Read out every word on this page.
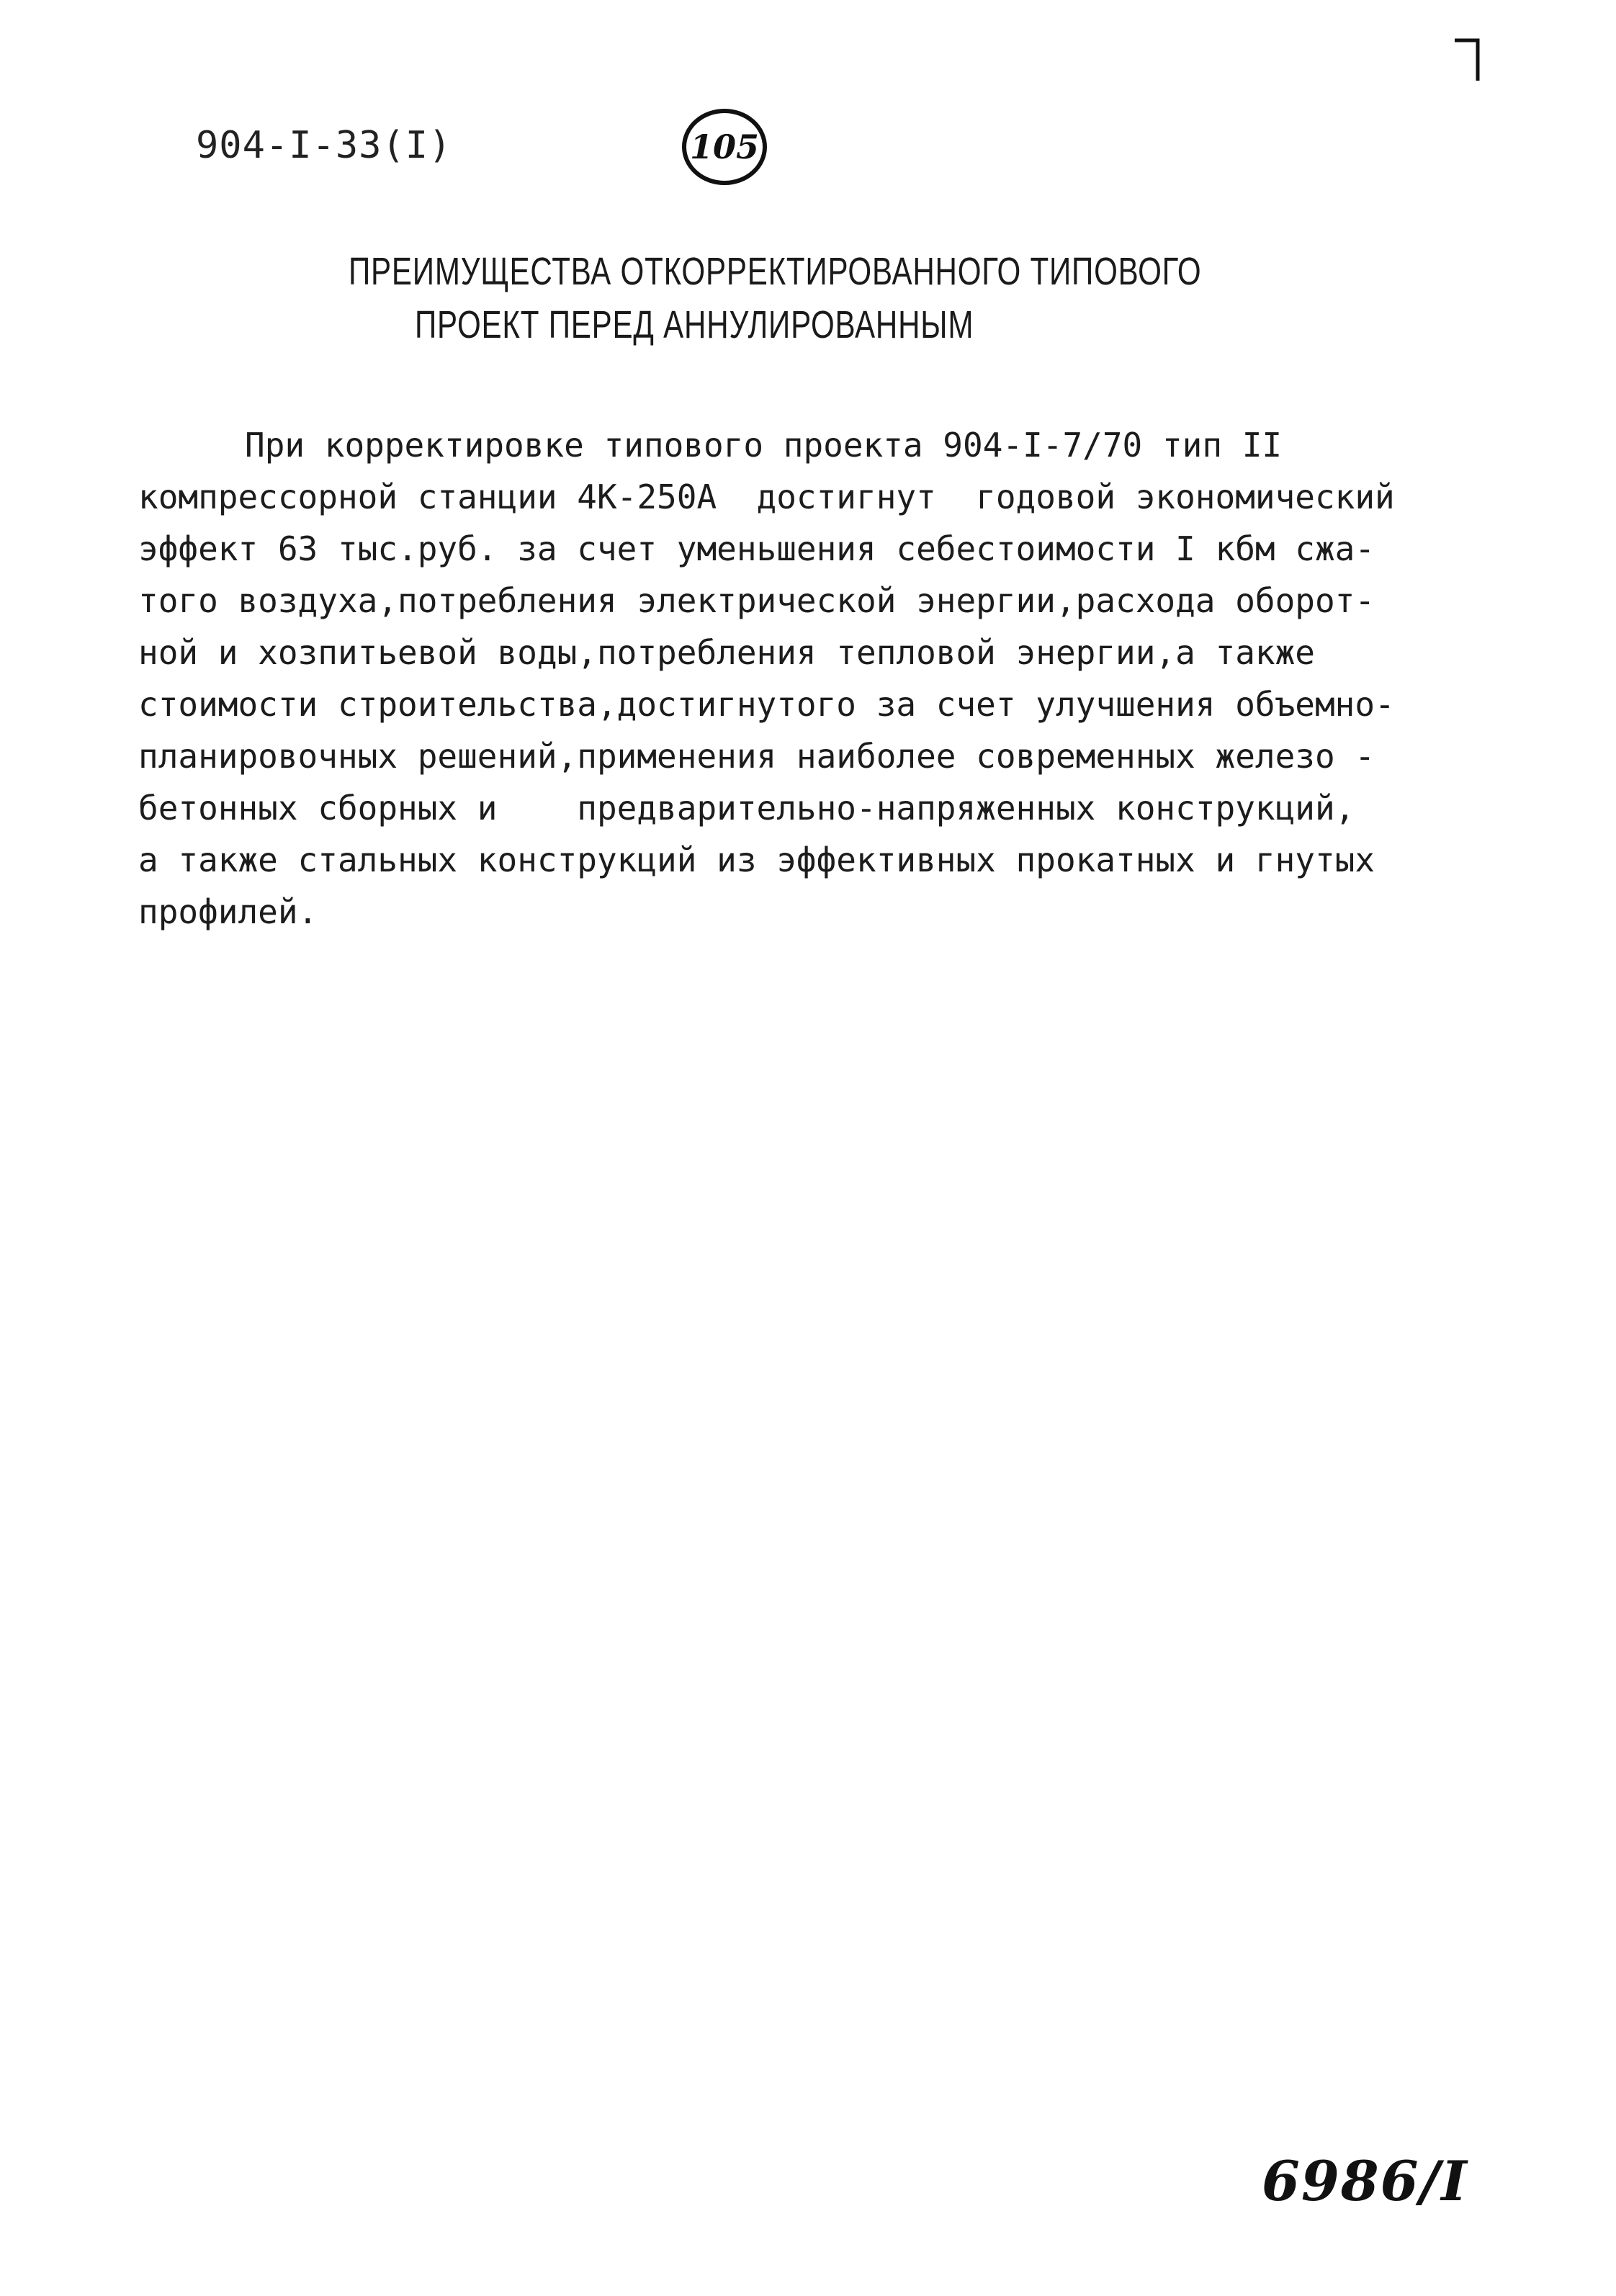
904-I-33(I)	105
ПРЕИМУЩЕСТВА ОТКОРРЕКТИРОВАННОГО ТИПОВОГО
ПРОЕКТ ПЕРЕД АННУЛИРОВАННЫМ
При корректировке типового проекта 904-I-7/70 тип II
компрессорной станции 4К-250А  достигнут  годовой экономический
эффект 63 тыс.руб. за счет уменьшения себестоимости I кбм сжа-
того воздуха,потребления электрической энергии,расхода оборот-
ной и хозпитьевой воды,потребления тепловой энергии,а также
стоимости строительства,достигнутого за счет улучшения объемно-
планировочных решений,применения наиболее современных железо -
бетонных сборных и    предварительно-напряженных конструкций,
а также стальных конструкций из эффективных прокатных и гнутых
профилей.
6986/I
